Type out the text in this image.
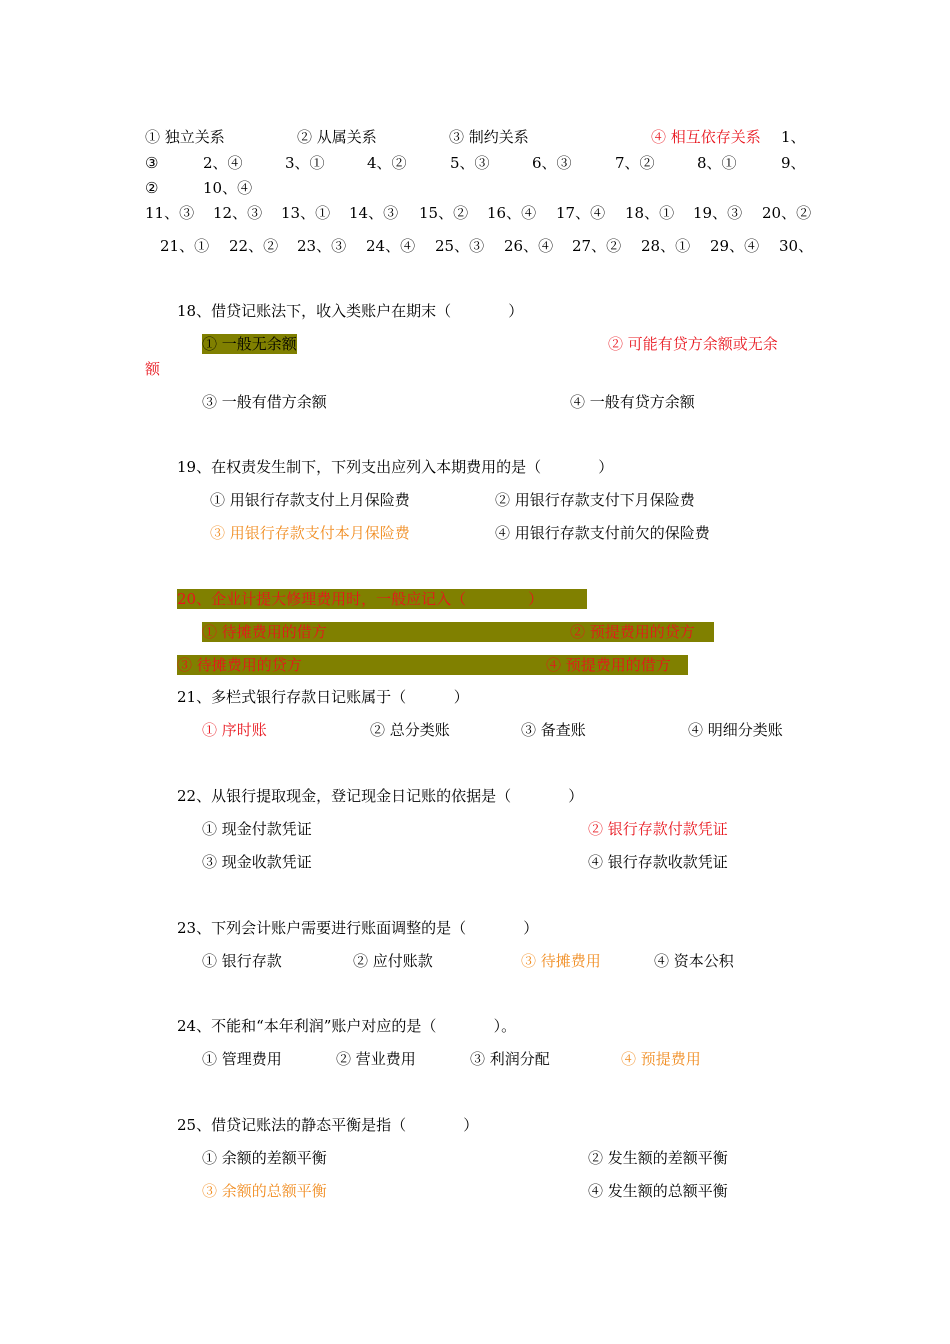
① 独立关系	② 从属关系	③ 制约关系	④ 相互依存关系 1、
③	2、④	3、①	4、②	5、③	6、③	7、②	8、①	9、
②	10、④
11、③ 12、③ 13、① 14、③ 15、② 16、④ 17、④ 18、① 19、③ 20、②
21、① 22、② 23、③ 24、④ 25、③ 26、④ 27、② 28、① 29、④ 30、
18、借贷记账法下，收入类账户在期末（            ）
① 一般无余额	② 可能有贷方余额或无余
额
③ 一般有借方余额	④ 一般有贷方余额
19、在权责发生制下，下列支出应列入本期费用的是（            ）
① 用银行存款支付上月保险费	② 用银行存款支付下月保险费
③ 用银行存款支付本月保险费	④ 用银行存款支付前欠的保险费
20、企业计提大修理费用时，一般应记入（             ）
① 待摊费用的借方	② 预提费用的贷方
③ 待摊费用的贷方	④ 预提费用的借方
21、多栏式银行存款日记账属于（          ）
① 序时账	② 总分类账	③ 备查账	④ 明细分类账
22、从银行提取现金，登记现金日记账的依据是（            ）
① 现金付款凭证	② 银行存款付款凭证
③ 现金收款凭证	④ 银行存款收款凭证
23、下列会计账户需要进行账面调整的是（            ）
① 银行存款	② 应付账款	③ 待摊费用	④ 资本公积
24、不能和“本年利润”账户对应的是（            ）。
① 管理费用	② 营业费用	③ 利润分配	④ 预提费用
25、借贷记账法的静态平衡是指（            ）
① 余额的差额平衡	② 发生额的差额平衡
③ 余额的总额平衡	④ 发生额的总额平衡
